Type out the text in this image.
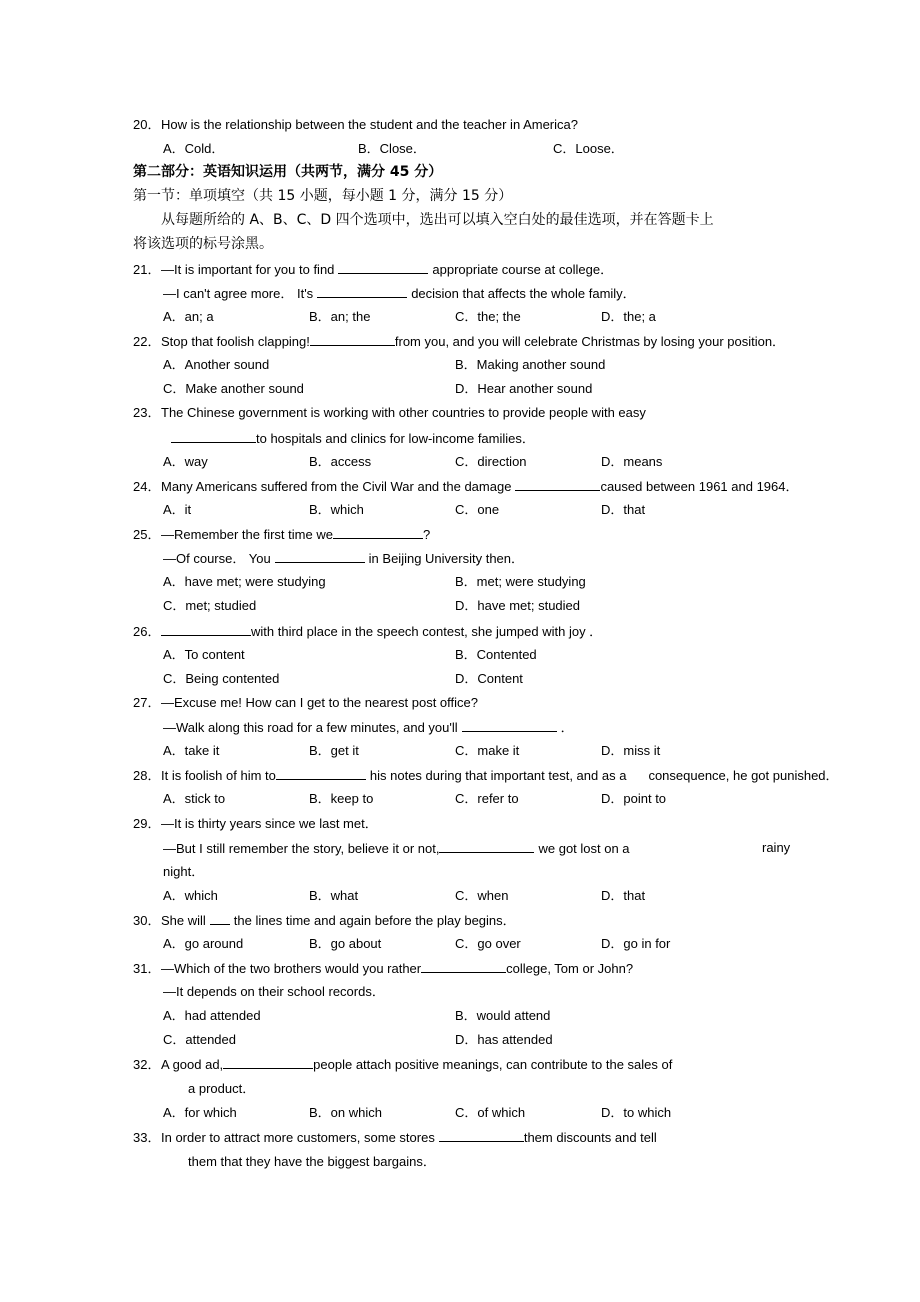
20．How is the relationship between the student and the teacher in America?
A．Cold．	B．Close．	C．Loose．
第二部分：英语知识运用（共两节，满分 45 分）
第一节：单项填空（共 15 小题，每小题 1 分，满分 15 分）
从每题所给的 A、B、C、D 四个选项中，选出可以填入空白处的最佳选项，并在答题卡上
将该选项的标号涂黑。
21．—It is important for you to find	appropriate course at college．
—I can't agree more． It's	decision that affects the whole family．
A．an; a	B．an; the	C．the; the	D．the; a
22．Stop that foolish clapping!	from you, and you will celebrate Christmas by losing your position．
A．Another sound	B．Making another sound
C．Make another sound	D．Hear another sound
23．The Chinese government is working with other countries to provide people with easy
to hospitals and clinics for low-income families．
A．way	B．access	C．direction	D．means
24．Many Americans suffered from the Civil War and the damage	caused between 1961 and 1964．
A．it	B．which	C．one	D．that
25．—Remember the first time we	?
—Of course． You	in Beijing University then．
A．have met; were studying	B．met; were studying
C．met; studied	D．have met; studied
26．	with third place in the speech contest, she jumped with joy ．
A．To content	B．Contented
C．Being contented	D．Content
27．—Excuse me! How can I get to the nearest post office?
—Walk along this road for a few minutes, and you'll	．
A．take it	B．get it	C．make it	D．miss it
28．It is foolish of him to	his notes during that important test, and as a consequence, he got punished．
A．stick to	B．keep to	C．refer to	D．point to
29．—It is thirty years since we last met．
—But I still remember the story, believe it or not,	we got lost on a	rainy
night．
A．which	B．what	C．when	D．that
30．She will the lines time and again before the play begins．
A．go around	B．go about	C．go over	D．go in for
31．—Which of the two brothers would you rather	college, Tom or John?
—It depends on their school records．
A．had attended	B．would attend
C．attended	D．has attended
32．A good ad,	people attach positive meanings, can contribute to the sales of
a product．
A．for which	B．on which	C．of which	D．to which
33．In order to attract more customers, some stores	them discounts and tell
them that they have the biggest bargains．
